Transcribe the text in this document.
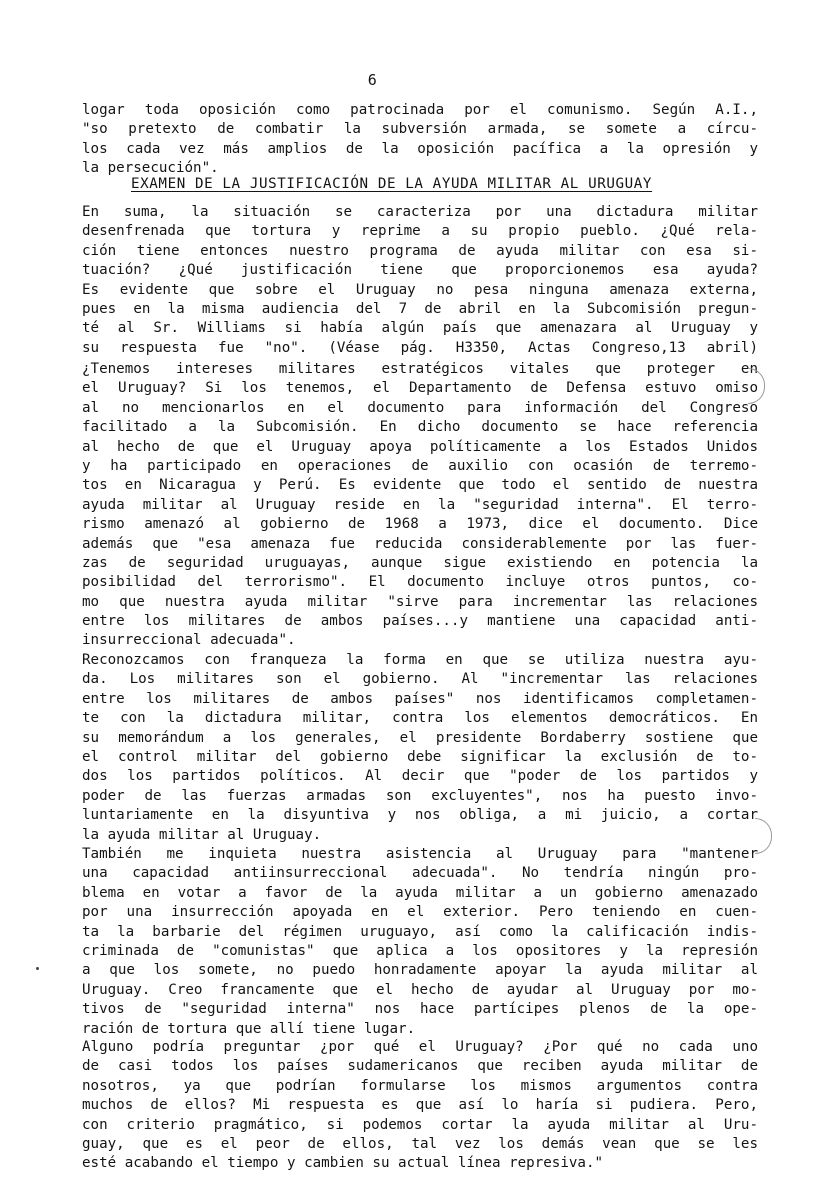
6
logar toda oposición como patrocinada por el comunismo. Según A.I.,
"so pretexto de combatir la subversión armada, se somete a círcu-
los cada vez más amplios de la oposición pacífica a la opresión y
la persecución".
EXAMEN DE LA JUSTIFICACIÓN DE LA AYUDA MILITAR AL URUGUAY
En suma, la situación se caracteriza por una dictadura militar
desenfrenada que tortura y reprime a su propio pueblo. ¿Qué rela-
ción tiene entonces nuestro programa de ayuda militar con esa si-
tuación? ¿Qué justificación tiene que proporcionemos esa ayuda?
Es evidente que sobre el Uruguay no pesa ninguna amenaza externa,
pues en la misma audiencia del 7 de abril en la Subcomisión pregun-
té al Sr. Williams si había algún país que amenazara al Uruguay y
su respuesta fue "no". (Véase pág. H3350, Actas Congreso,13 abril)
¿Tenemos intereses militares estratégicos vitales que proteger en
el Uruguay? Si los tenemos, el Departamento de Defensa estuvo omiso
al no mencionarlos en el documento para información del Congreso
facilitado a la Subcomisión. En dicho documento se hace referencia
al hecho de que el Uruguay apoya políticamente a los Estados Unidos
y ha participado en operaciones de auxilio con ocasión de terremo-
tos en Nicaragua y Perú. Es evidente que todo el sentido de nuestra
ayuda militar al Uruguay reside en la "seguridad interna". El terro-
rismo amenazó al gobierno de 1968 a 1973, dice el documento. Dice
además que "esa amenaza fue reducida considerablemente por las fuer-
zas de seguridad uruguayas, aunque sigue existiendo en potencia la
posibilidad del terrorismo". El documento incluye otros puntos, co-
mo que nuestra ayuda militar "sirve para incrementar las relaciones
entre los militares de ambos países...y mantiene una capacidad anti-
insurreccional adecuada".
Reconozcamos con franqueza la forma en que se utiliza nuestra ayu-
da. Los militares son el gobierno. Al "incrementar las relaciones
entre los militares de ambos países" nos identificamos completamen-
te con la dictadura militar, contra los elementos democráticos. En
su memorándum a los generales, el presidente Bordaberry sostiene que
el control militar del gobierno debe significar la exclusión de to-
dos los partidos políticos. Al decir que "poder de los partidos y
poder de las fuerzas armadas son excluyentes", nos ha puesto invo-
luntariamente en la disyuntiva y nos obliga, a mi juicio, a cortar
la ayuda militar al Uruguay.
También me inquieta nuestra asistencia al Uruguay para "mantener
una capacidad antiinsurreccional adecuada". No tendría ningún pro-
blema en votar a favor de la ayuda militar a un gobierno amenazado
por una insurrección apoyada en el exterior. Pero teniendo en cuen-
ta la barbarie del régimen uruguayo, así como la calificación indis-
criminada de "comunistas" que aplica a los opositores y la represión
a que los somete, no puedo honradamente apoyar la ayuda militar al
Uruguay. Creo francamente que el hecho de ayudar al Uruguay por mo-
tivos de "seguridad interna" nos hace partícipes plenos de la ope-
ración de tortura que allí tiene lugar.
Alguno podría preguntar ¿por qué el Uruguay? ¿Por qué no cada uno
de casi todos los países sudamericanos que reciben ayuda militar de
nosotros, ya que podrían formularse los mismos argumentos contra
muchos de ellos? Mi respuesta es que así lo haría si pudiera. Pero,
con criterio pragmático, si podemos cortar la ayuda militar al Uru-
guay, que es el peor de ellos, tal vez los demás vean que se les
esté acabando el tiempo y cambien su actual línea represiva."
